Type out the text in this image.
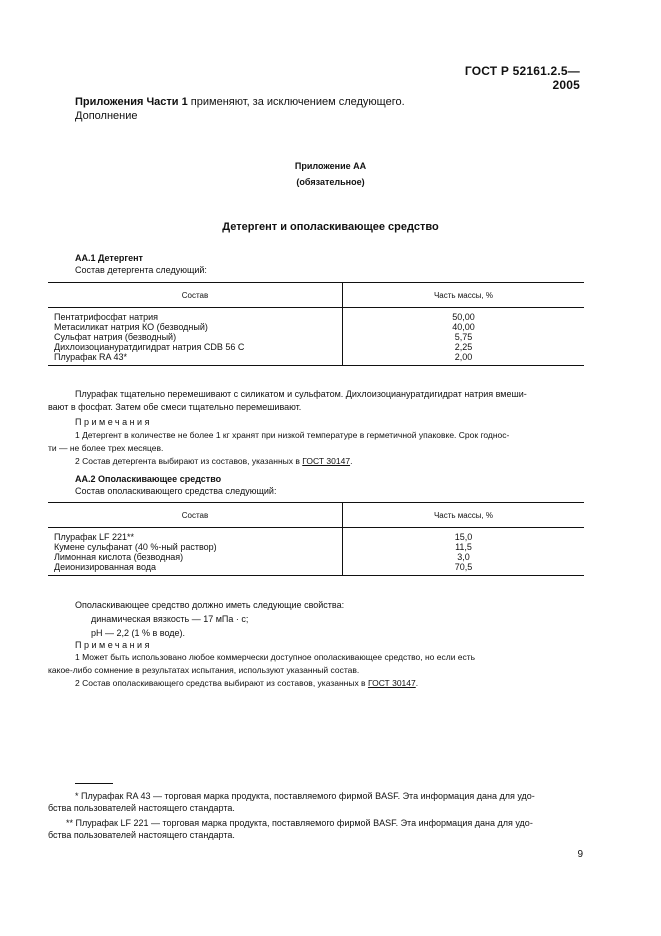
ГОСТ Р 52161.2.5—2005
Приложения Части 1 применяют, за исключением следующего.
Дополнение
Приложение АА
(обязательное)
Детергент и ополаскивающее средство
АА.1 Детергент
Состав детергента следующий:
Состав	Часть массы, %
Пентатрифосфат натрия	50,00
Метасиликат натрия КО (безводный)	40,00
Сульфат натрия (безводный)	5,75
Дихлоизоциануратдигидрат натрия CDB 56 C	2,25
Плурафак RA 43*	2,00
Плурафак тщательно перемешивают с силикатом и сульфатом. Дихлоизоциануратдигидрат натрия вмеши-
вают в фосфат. Затем обе смеси тщательно перемешивают.
Примечания
1 Детергент в количестве не более 1 кг хранят при низкой температуре в герметичной упаковке. Срок годнос-
ти — не более трех месяцев.
2 Состав детергента выбирают из составов, указанных в ГОСТ 30147.
АА.2 Ополаскивающее средство
Состав ополаскивающего средства следующий:
Состав	Часть массы, %
Плурафак LF 221**	15,0
Кумене сульфанат (40 %-ный раствор)	11,5
Лимонная кислота (безводная)	3,0
Деионизированная вода	70,5
Ополаскивающее средство должно иметь следующие свойства:
динамическая вязкость — 17 мПа · с;
рН — 2,2 (1 % в воде).
Примечания
1 Может быть использовано любое коммерчески доступное ополаскивающее средство, но если есть
какое-либо сомнение в результатах испытания, используют указанный состав.
2 Состав ополаскивающего средства выбирают из составов, указанных в ГОСТ 30147.
* Плурафак RA 43 — торговая марка продукта, поставляемого фирмой BASF. Эта информация дана для удо-
бства пользователей настоящего стандарта.
** Плурафак LF 221 — торговая марка продукта, поставляемого фирмой BASF. Эта информация дана для удо-
бства пользователей настоящего стандарта.
9
